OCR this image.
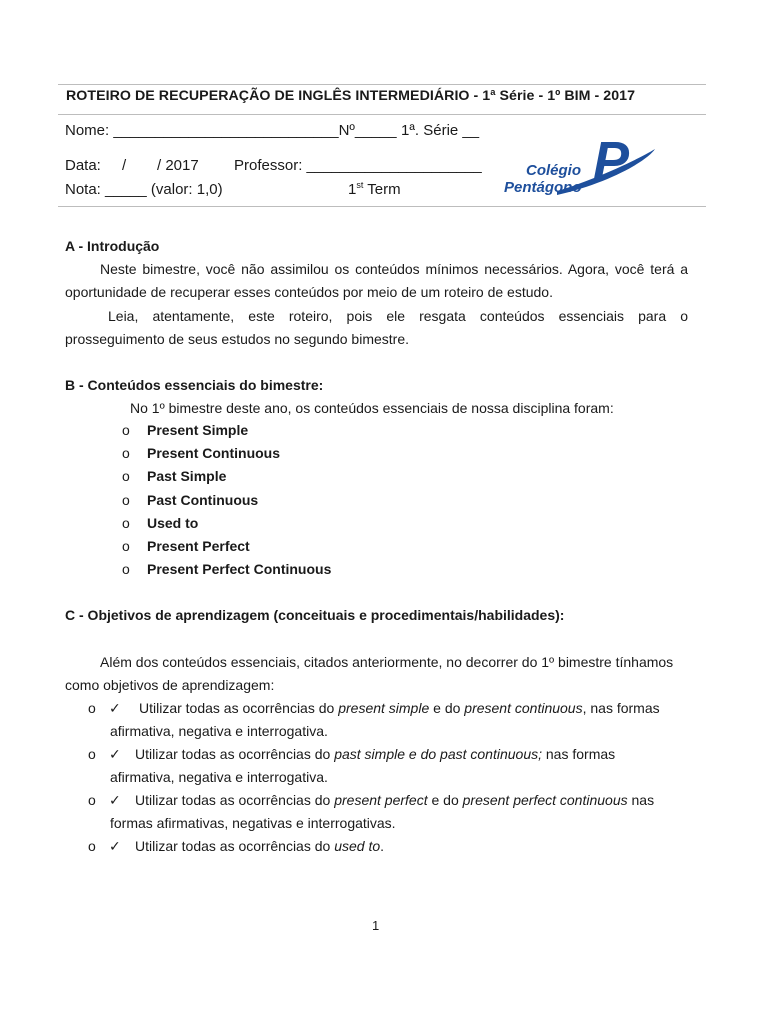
ROTEIRO DE RECUPERAÇÃO DE INGLÊS INTERMEDIÁRIO - 1ª Série - 1º BIM - 2017
Nome: ___________________________Nº_____ 1ª. Série __
Data: / / 2017 Professor: _____________________
Nota: _____ (valor: 1,0)	1st Term	P
Colégio
Pentágono
A - Introdução
Neste bimestre, você não assimilou os conteúdos mínimos necessários. Agora, você terá a oportunidade de recuperar esses conteúdos por meio de um roteiro de estudo.
Leia, atentamente, este roteiro, pois ele resgata conteúdos essenciais para o prosseguimento de seus estudos no segundo bimestre.
B - Conteúdos essenciais do bimestre:
No 1º bimestre deste ano, os conteúdos essenciais de nossa disciplina foram:
o Present Simple
o Present Continuous
o Past Simple
o Past Continuous
o Used to
o Present Perfect
o Present Perfect Continuous
C - Objetivos de aprendizagem (conceituais e procedimentais/habilidades):
Além dos conteúdos essenciais, citados anteriormente, no decorrer do 1º bimestre tínhamos como objetivos de aprendizagem:
o ✓ Utilizar todas as ocorrências do present simple e do present continuous, nas formas
afirmativa, negativa e interrogativa.
o ✓ Utilizar todas as ocorrências do past simple e do past continuous; nas formas
afirmativa, negativa e interrogativa.
o ✓ Utilizar todas as ocorrências do present perfect e do present perfect continuous nas
formas afirmativas, negativas e interrogativas.
o ✓ Utilizar todas as ocorrências do used to.
1
